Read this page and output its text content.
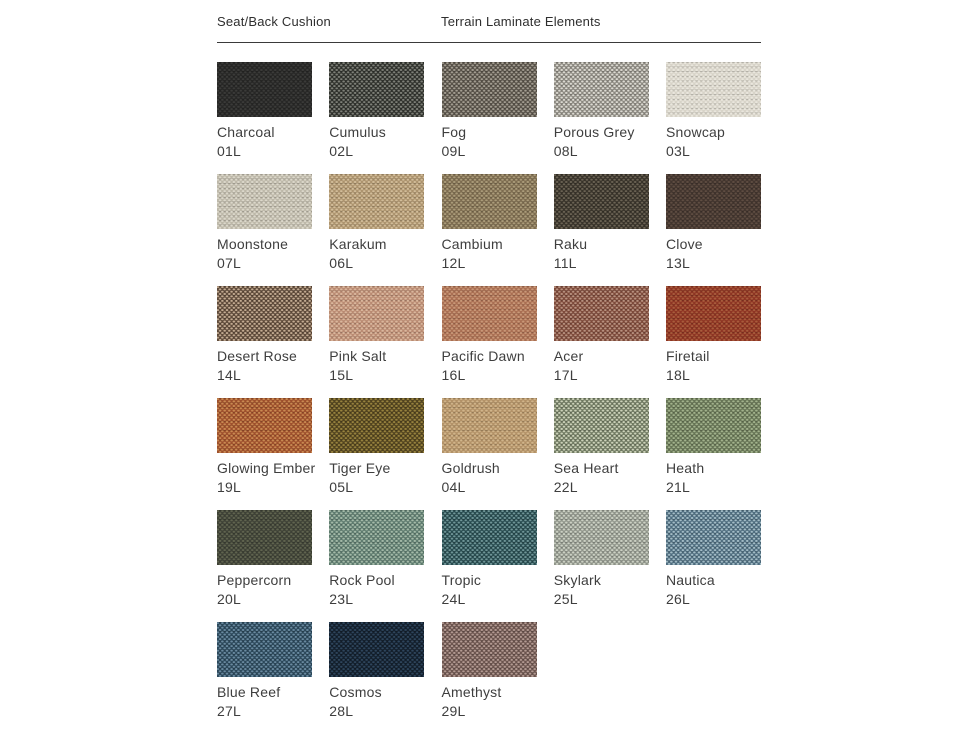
Seat/Back Cushion	Terrain Laminate Elements
Charcoal
01L
Cumulus
02L
Fog
09L
Porous Grey
08L
Snowcap
03L
Moonstone
07L
Karakum
06L
Cambium
12L
Raku
11L
Clove
13L
Desert Rose
14L
Pink Salt
15L
Pacific Dawn
16L
Acer
17L
Firetail
18L
Glowing Ember
19L
Tiger Eye
05L
Goldrush
04L
Sea Heart
22L
Heath
21L
Peppercorn
20L
Rock Pool
23L
Tropic
24L
Skylark
25L
Nautica
26L
Blue Reef
27L
Cosmos
28L
Amethyst
29L
